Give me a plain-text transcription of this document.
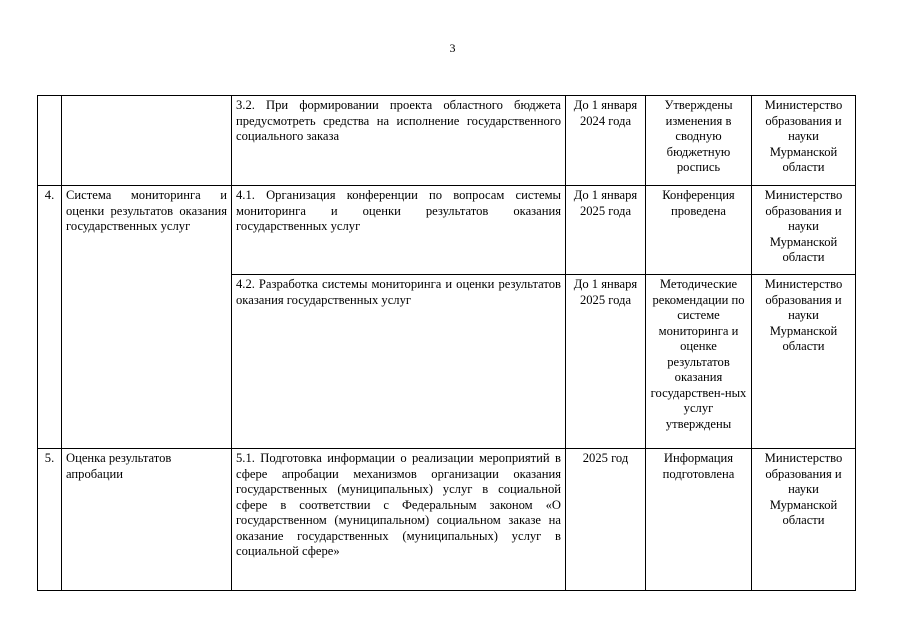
3
		3.2. При формировании проекта областного бюджета предусмотреть средства на исполнение государственного социального заказа	До 1 января 2024 года	Утверждены изменения в сводную бюджетную роспись	Министерство образования и науки Мурманской области
4.	Система мониторинга и оценки результатов оказания государственных услуг	4.1. Организация конференции по вопросам системы мониторинга и оценки результатов оказания государственных услуг	До 1 января 2025 года	Конференция проведена	Министерство образования и науки Мурманской области
		4.2. Разработка системы мониторинга и оценки результатов оказания государственных услуг	До 1 января 2025 года	Методические рекомендации по системе мониторинга и оценке результатов оказания государствен-ных услуг утверждены	Министерство образования и науки Мурманской области
5.	Оценка результатов апробации	5.1. Подготовка информации о реализации мероприятий в сфере апробации механизмов организации оказания государственных (муниципальных) услуг в социальной сфере в соответствии с Федеральным законом «О государственном (муниципальном) социальном заказе на оказание государственных (муниципальных) услуг в социальной сфере»	2025 год	Информация подготовлена	Министерство образования и науки Мурманской области
